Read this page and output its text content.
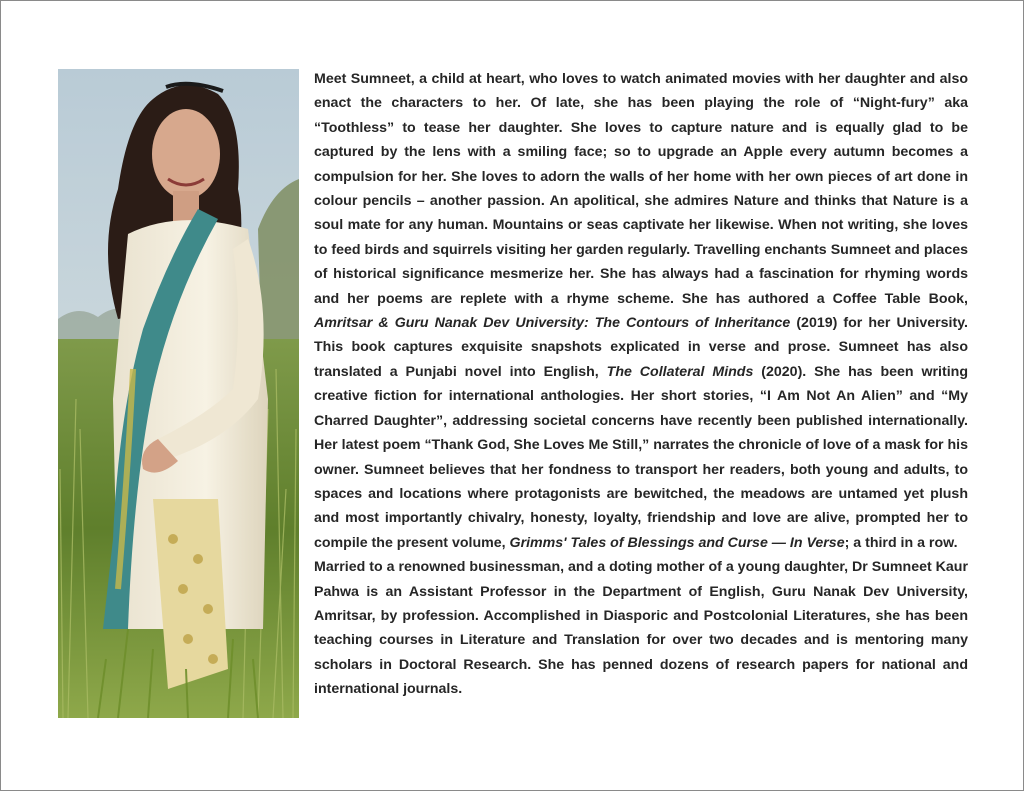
Meet Sumneet, a child at heart, who loves to watch animated movies with her daughter and also enact the characters to her. Of late, she has been playing the role of “Night-fury” aka “Toothless” to tease her daughter. She loves to capture nature and is equally glad to be captured by the lens with a smiling face; so to upgrade an Apple every autumn becomes a compulsion for her. She loves to adorn the walls of her home with her own pieces of art done in colour pencils – another passion. An apolitical, she admires Nature and thinks that Nature is a soul mate for any human. Mountains or seas captivate her likewise. When not writing, she loves to feed birds and squirrels visiting her garden regularly. Travelling enchants Sumneet and places of historical significance mesmerize her. She has always had a fascination for rhyming words and her poems are replete with a rhyme scheme. She has authored a Coffee Table Book, Amritsar & Guru Nanak Dev University: The Contours of Inheritance (2019) for her University. This book captures exquisite snapshots explicated in verse and prose. Sumneet has also translated a Punjabi novel into English, The Collateral Minds (2020). She has been writing creative fiction for international anthologies. Her short stories, “I Am Not An Alien” and “My Charred Daughter”, addressing societal concerns have recently been published internationally. Her latest poem “Thank God, She Loves Me Still,” narrates the chronicle of love of a mask for his owner. Sumneet believes that her fondness to transport her readers, both young and adults, to spaces and locations where protagonists are bewitched, the meadows are untamed yet plush and most importantly chivalry, honesty, loyalty, friendship and love are alive, prompted her to compile the present volume, Grimms' Tales of Blessings and Curse — In Verse; a third in a row.

Married to a renowned businessman, and a doting mother of a young daughter, Dr Sumneet Kaur Pahwa is an Assistant Professor in the Department of English, Guru Nanak Dev University, Amritsar, by profession. Accomplished in Diasporic and Postcolonial Literatures, she has been teaching courses in Literature and Translation for over two decades and is mentoring many scholars in Doctoral Research. She has penned dozens of research papers for national and international journals.
